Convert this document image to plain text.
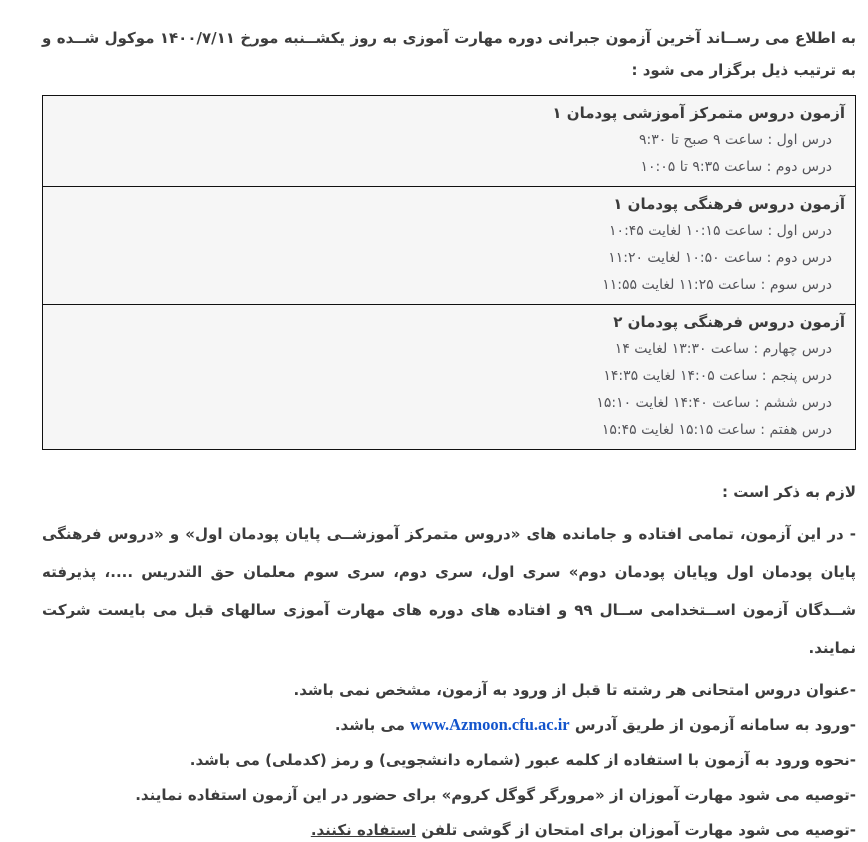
به اطلاع می رســاند آخرین آزمون جبرانی دوره مهارت آموزی به روز یکشــنبه مورخ ۱۴۰۰/۷/۱۱ موکول شــده و به ترتیب ذیل برگزار می شود :

آزمون دروس متمرکز آموزشی پودمان ۱
درس اول : ساعت ۹ صبح تا ۹:۳۰
درس دوم : ساعت ۹:۳۵ تا ۱۰:۰۵

آزمون دروس فرهنگی پودمان ۱
درس اول : ساعت ۱۰:۱۵ لغایت ۱۰:۴۵
درس دوم : ساعت ۱۰:۵۰ لغایت ۱۱:۲۰
درس سوم : ساعت ۱۱:۲۵ لغایت ۱۱:۵۵

آزمون دروس فرهنگی پودمان ۲
درس چهارم : ساعت ۱۳:۳۰ لغایت ۱۴
درس پنجم : ساعت ۱۴:۰۵ لغایت ۱۴:۳۵
درس ششم : ساعت ۱۴:۴۰ لغایت ۱۵:۱۰
درس هفتم : ساعت ۱۵:۱۵ لغایت ۱۵:۴۵
لازم به ذکر است :

- در این آزمون، تمامی افتاده و جامانده های «دروس متمرکز آموزشــی پایان پودمان اول» و «دروس فرهنگی پایان پودمان اول وپایان پودمان دوم» سری اول، سری دوم، سری سوم معلمان حق التدریس ....، پذیرفته شــدگان آزمون اســتخدامی ســال ۹۹ و افتاده های دوره های مهارت آموزی سالهای قبل می بایست شرکت نمایند.

-عنوان دروس امتحانی هر رشته تا قبل از ورود به آزمون، مشخص نمی باشد.

-ورود به سامانه آزمون از طریق آدرس www.Azmoon.cfu.ac.ir می باشد.

-نحوه ورود به آزمون با استفاده از کلمه عبور (شماره دانشجویی) و رمز (کدملی) می باشد.

-توصیه می شود مهارت آموزان از «مرورگر گوگل کروم» برای حضور در این آزمون استفاده نمایند.

-توصیه می شود مهارت آموزان برای امتحان از گوشی تلفن استفاده نکنند.
